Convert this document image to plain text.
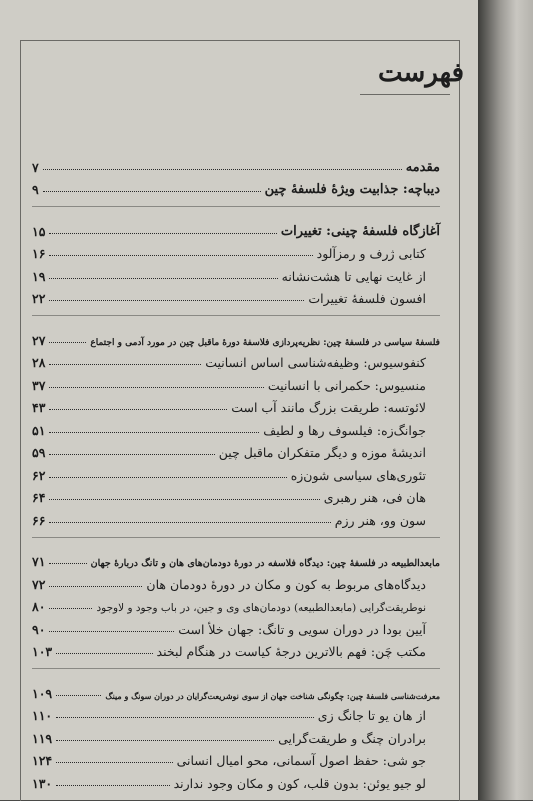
فهرست
مقدمه
۷
دیباچه: جذابیت ویژۀ فلسفۀ چین
۹
آغازگاه فلسفۀ چینی: تغییرات
۱۵
کتابی ژرف و رمزآلود
۱۶
از غایت نهایی تا هشت‌نشانه
۱۹
افسون فلسفۀ تغییرات
۲۲
فلسفۀ سیاسی در فلسفۀ چین: نظریه‌پردازی فلاسفۀ دورۀ ماقبل چین در مورد آدمی و اجتماع
۲۷
کنفوسیوس: وظیفه‌شناسی اساس انسانیت
۲۸
منسیوس: حکمرانی با انسانیت
۳۷
لائوتسه: طریقت بزرگ مانند آب است
۴۳
جوانگ‌زه: فیلسوف رها و لطیف
۵۱
اندیشۀ موزه و دیگر متفکران ماقبل چین
۵۹
تئوری‌های سیاسی شون‌زه
۶۲
هان فی، هنر رهبری
۶۴
سون وو، هنر رزم
۶۶
مابعدالطبیعه در فلسفۀ چین: دیدگاه فلاسفه در دورۀ دودمان‌های هان و تانگ دربارۀ جهان
۷۱
دیدگاه‌های مربوط به کون و مکان در دورۀ دودمان هان
۷۲
نوطریقت‌گرایی (مابعدالطبیعه) دودمان‌های وی و جین، در باب وجود و لاوجود
۸۰
آیین بودا در دوران سویی و تانگ: جهان خلأ است
۹۰
مکتب چَن: فهم بالاترین درجۀ کیاست در هنگام لبخند
۱۰۳
معرفت‌شناسی فلسفۀ چین: چگونگی شناخت جهان از سوی نوشریعت‌گرایان در دوران سونگ و مینگ
۱۰۹
از هان یو تا جانگ زی
۱۱۰
برادران چنگ و طریقت‌گرایی
۱۱۹
جو شی: حفظ اصول آسمانی، محو امیال انسانی
۱۲۴
لو جیو یوئن: بدون قلب، کون و مکان وجود ندارند
۱۳۰
